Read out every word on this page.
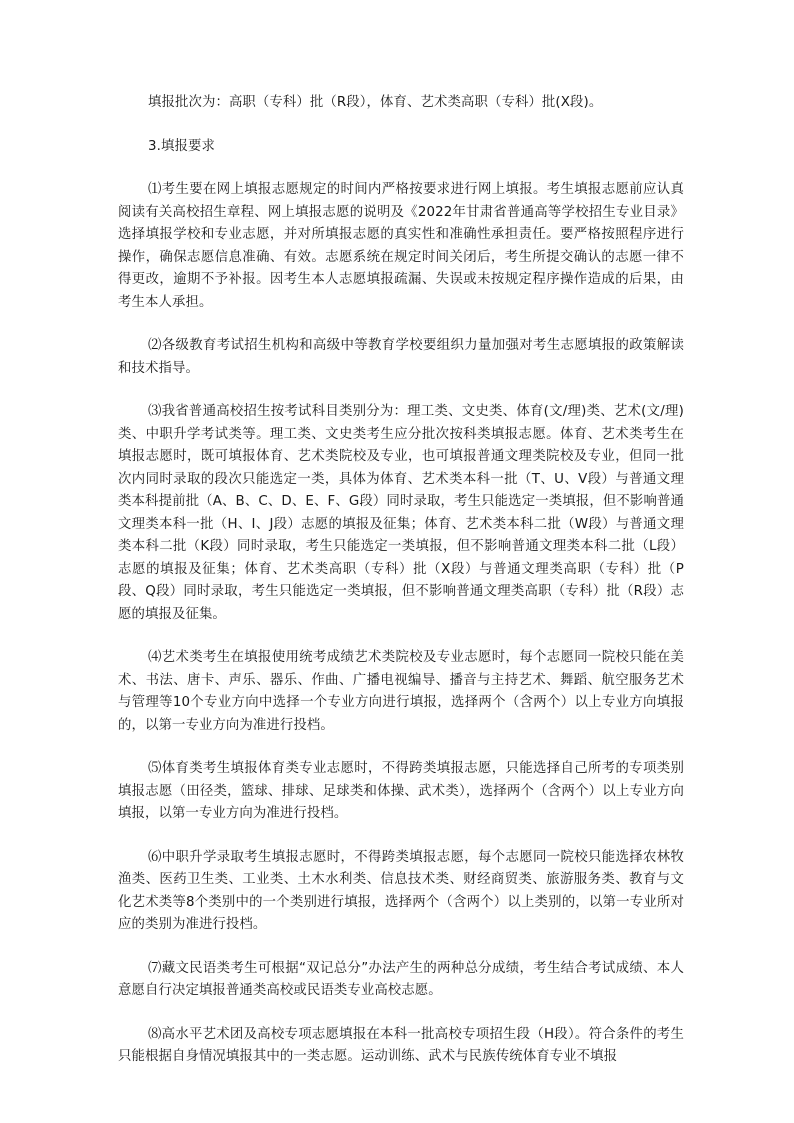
填报批次为：高职（专科）批（R段），体育、艺术类高职（专科）批(X段)。

3.填报要求

⑴考生要在网上填报志愿规定的时间内严格按要求进行网上填报。考生填报志愿前应认真阅读有关高校招生章程、网上填报志愿的说明及《2022年甘肃省普通高等学校招生专业目录》选择填报学校和专业志愿，并对所填报志愿的真实性和准确性承担责任。要严格按照程序进行操作，确保志愿信息准确、有效。志愿系统在规定时间关闭后，考生所提交确认的志愿一律不得更改，逾期不予补报。因考生本人志愿填报疏漏、失误或未按规定程序操作造成的后果，由考生本人承担。

⑵各级教育考试招生机构和高级中等教育学校要组织力量加强对考生志愿填报的政策解读和技术指导。

⑶我省普通高校招生按考试科目类别分为：理工类、文史类、体育(文/理)类、艺术(文/理)类、中职升学考试类等。理工类、文史类考生应分批次按科类填报志愿。体育、艺术类考生在填报志愿时，既可填报体育、艺术类院校及专业，也可填报普通文理类院校及专业，但同一批次内同时录取的段次只能选定一类，具体为体育、艺术类本科一批（T、U、V段）与普通文理类本科提前批（A、B、C、D、E、F、G段）同时录取，考生只能选定一类填报，但不影响普通文理类本科一批（H、I、J段）志愿的填报及征集；体育、艺术类本科二批（W段）与普通文理类本科二批（K段）同时录取，考生只能选定一类填报，但不影响普通文理类本科二批（L段）志愿的填报及征集；体育、艺术类高职（专科）批（X段）与普通文理类高职（专科）批（P段、Q段）同时录取，考生只能选定一类填报，但不影响普通文理类高职（专科）批（R段）志愿的填报及征集。

⑷艺术类考生在填报使用统考成绩艺术类院校及专业志愿时，每个志愿同一院校只能在美术、书法、唐卡、声乐、器乐、作曲、广播电视编导、播音与主持艺术、舞蹈、航空服务艺术与管理等10个专业方向中选择一个专业方向进行填报，选择两个（含两个）以上专业方向填报的，以第一专业方向为准进行投档。

⑸体育类考生填报体育类专业志愿时，不得跨类填报志愿，只能选择自己所考的专项类别填报志愿（田径类，篮球、排球、足球类和体操、武术类），选择两个（含两个）以上专业方向填报，以第一专业方向为准进行投档。

⑹中职升学录取考生填报志愿时，不得跨类填报志愿，每个志愿同一院校只能选择农林牧渔类、医药卫生类、工业类、土木水利类、信息技术类、财经商贸类、旅游服务类、教育与文化艺术类等8个类别中的一个类别进行填报，选择两个（含两个）以上类别的，以第一专业所对应的类别为准进行投档。

⑺藏文民语类考生可根据“双记总分”办法产生的两种总分成绩，考生结合考试成绩、本人意愿自行决定填报普通类高校或民语类专业高校志愿。

⑻高水平艺术团及高校专项志愿填报在本科一批高校专项招生段（H段）。符合条件的考生只能根据自身情况填报其中的一类志愿。运动训练、武术与民族传统体育专业不填报
